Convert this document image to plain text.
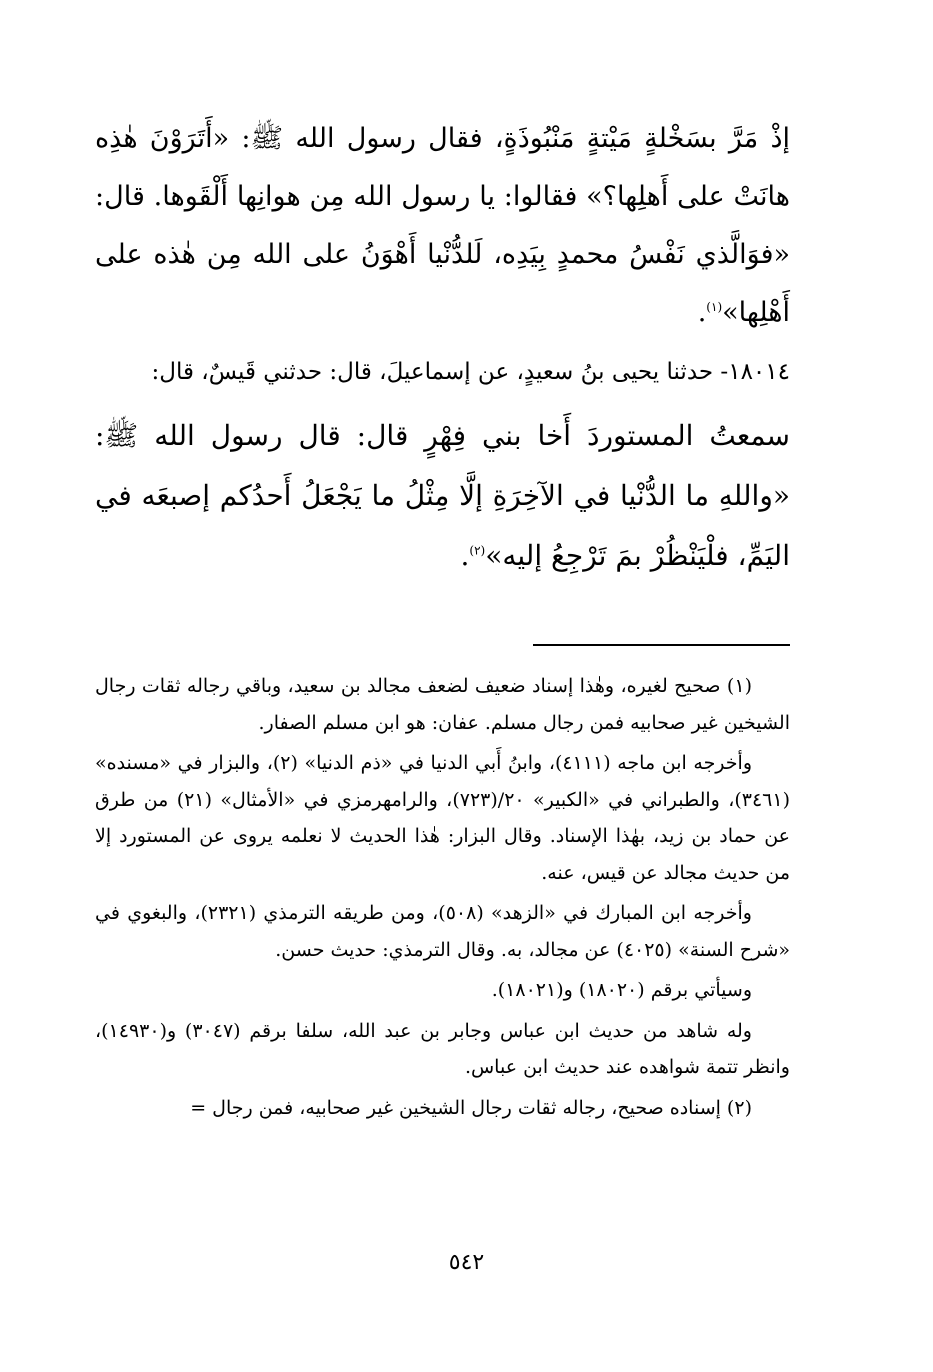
إذْ مَرَّ بسَخْلةٍ مَيْتةٍ مَنْبُوذَةٍ، فقال رسول الله ﷺ: «أَتَرَوْنَ هٰذِه هانَتْ على أَهلِها؟» فقالوا: يا رسول الله مِن هوانِها أَلْقَوها. قال: «فوَالَّذي نَفْسُ محمدٍ بِيَدِه، لَلدُّنْيا أَهْوَنُ على الله مِن هٰذه على أَهْلِها»$^{(١)}$.

١٨٠١٤- حدثنا يحيى بنُ سعيدٍ، عن إسماعيلَ، قال: حدثني قَيسٌ، قال:

سمعتُ المستوردَ أَخا بني فِهْرٍ قال: قال رسول الله ﷺ: «واللهِ ما الدُّنْيا في الآخِرَةِ إلَّا مِثْلُ ما يَجْعَلُ أَحدُكم إصبعَه في اليَمِّ، فلْيَنْظُرْ بمَ تَرْجِعُ إليه»$^{(٢)}$.

(١) صحيح لغيره، وهٰذا إسناد ضعيف لضعف مجالد بن سعيد، وباقي رجاله ثقات رجال الشيخين غير صحابيه فمن رجال مسلم. عفان: هو ابن مسلم الصفار.

وأخرجه ابن ماجه (٤١١١)، وابنُ أَبي الدنيا في «ذم الدنيا» (٢)، والبزار في «مسنده» (٣٤٦١)، والطبراني في «الكبير» ٢٠/(٧٢٣)، والرامهرمزي في «الأمثال» (٢١) من طرق عن حماد بن زيد، بهٰذا الإسناد. وقال البزار: هٰذا الحديث لا نعلمه يروى عن المستورد إلا من حديث مجالد عن قيس، عنه.

وأخرجه ابن المبارك في «الزهد» (٥٠٨)، ومن طريقه الترمذي (٢٣٢١)، والبغوي في «شرح السنة» (٤٠٢٥) عن مجالد، به. وقال الترمذي: حديث حسن.

وسيأتي برقم (١٨٠٢٠) و(١٨٠٢١).

وله شاهد من حديث ابن عباس وجابر بن عبد الله، سلفا برقم (٣٠٤٧) و(١٤٩٣٠)، وانظر تتمة شواهده عند حديث ابن عباس.

(٢) إسناده صحيح، رجاله ثقات رجال الشيخين غير صحابيه، فمن رجال =

٥٤٢
